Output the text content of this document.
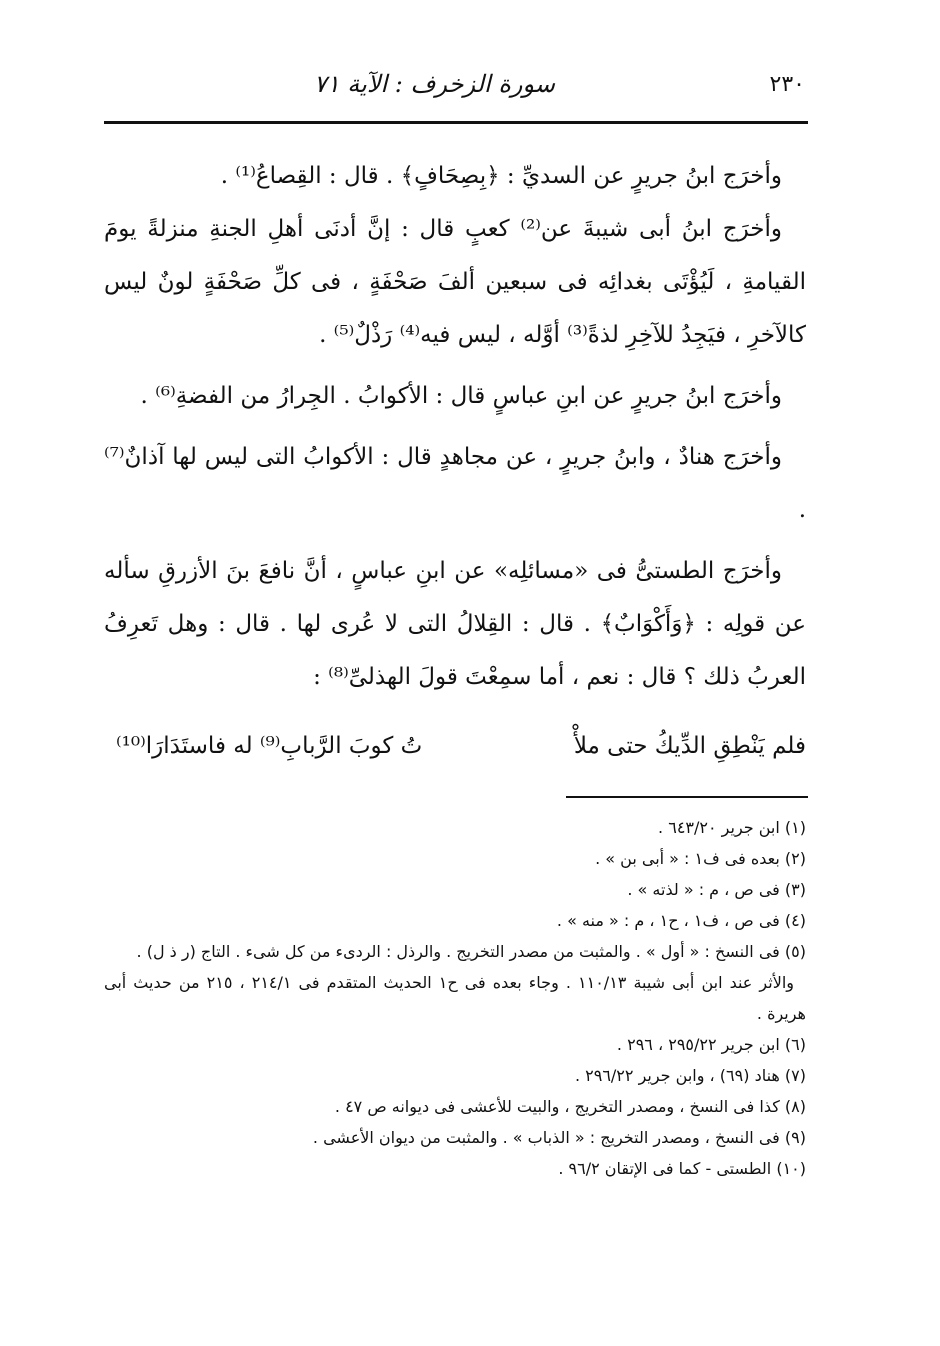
٢٣٠
سورة الزخرف : الآية ٧١

وأخرَج ابنُ جريرٍ عن السديِّ : ﴿بِصِحَافٍ﴾ . قال : القِصاعُ⁽¹⁾ .

وأخرَج ابنُ أبى شيبةَ عن⁽²⁾ كعبٍ قال : إنَّ أدنَى أهلِ الجنةِ منزلةً يومَ القيامةِ ، لَيُؤْتَى بغدائِه فى سبعين ألفَ صَحْفَةٍ ، فى كلِّ صَحْفَةٍ لونٌ ليس كالآخرِ ، فيَجِدُ للآخِرِ لذةً⁽³⁾ أوَّله ، ليس فيه⁽⁴⁾ رَذْلٌ⁽⁵⁾ .

وأخرَج ابنُ جريرٍ عن ابنِ عباسٍ قال : الأكوابُ . الجِرارُ من الفضةِ⁽⁶⁾ .

وأخرَج هنادٌ ، وابنُ جريرٍ ، عن مجاهدٍ قال : الأكوابُ التى ليس لها آذانٌ⁽⁷⁾ .

وأخرَج الطستىُّ فى «مسائلِه» عن ابنِ عباسٍ ، أنَّ نافعَ بنَ الأزرقِ سأله عن قولِه : ﴿وَأَكْوَابٌ﴾ . قال : القِلالُ التى لا عُرى لها . قال : وهل تَعرِفُ العربُ ذلك ؟ قال : نعم ، أما سمِعْتَ قولَ الهذلىِّ⁽⁸⁾ :

فلم يَنْطِقِ الدِّيكُ حتى ملأْ
تُ كوبَ الرَّبابِ⁽⁹⁾ له فاستَدَارَا⁽¹⁰⁾

(١) ابن جرير ٦٤٣/٢٠ .

(٢) بعده فى ف١ : « أبى بن » .

(٣) فى ص ، م : « لذته » .

(٤) فى ص ، ف١ ، ح١ ، م : « منه » .

(٥) فى النسخ : « أول » . والمثبت من مصدر التخريج . والرذل : الردىء من كل شىء . التاج (ر ذ ل) .

والأثر عند ابن أبى شيبة ١١٠/١٣ . وجاء بعده فى ح١ الحديث المتقدم فى ٢١٤/١ ، ٢١٥ من حديث أبى هريرة .

(٦) ابن جرير ٢٩٥/٢٢ ، ٢٩٦ .

(٧) هناد (٦٩) ، وابن جرير ٢٩٦/٢٢ .

(٨) كذا فى النسخ ، ومصدر التخريج ، والبيت للأعشى فى ديوانه ص ٤٧ .

(٩) فى النسخ ، ومصدر التخريج : « الذباب » . والمثبت من ديوان الأعشى .

(١٠) الطستى - كما فى الإتقان ٩٦/٢ .
